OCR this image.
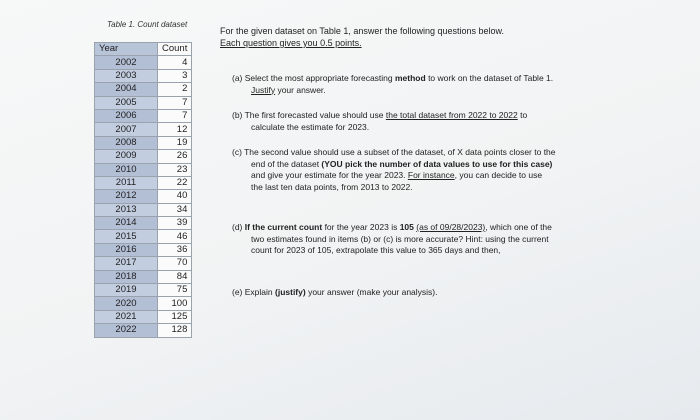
Table 1. Count dataset
Year	Count
2002	4
2003	3
2004	2
2005	7
2006	7
2007	12
2008	19
2009	26
2010	23
2011	22
2012	40
2013	34
2014	39
2015	46
2016	36
2017	70
2018	84
2019	75
2020	100
2021	125
2022	128
For the given dataset on Table 1, answer the following questions below.
Each question gives you 0.5 points.
(a) Select the most appropriate forecasting method to work on the dataset of Table 1. Justify your answer.
(b) The first forecasted value should use the total dataset from 2022 to 2022 to calculate the estimate for 2023.
(c) The second value should use a subset of the dataset, of X data points closer to the end of the dataset (YOU pick the number of data values to use for this case) and give your estimate for the year 2023. For instance, you can decide to use the last ten data points, from 2013 to 2022.
(d) If the current count for the year 2023 is 105 (as of 09/28/2023), which one of the two estimates found in items (b) or (c) is more accurate? Hint: using the current count for 2023 of 105, extrapolate this value to 365 days and then,
(e) Explain (justify) your answer (make your analysis).
